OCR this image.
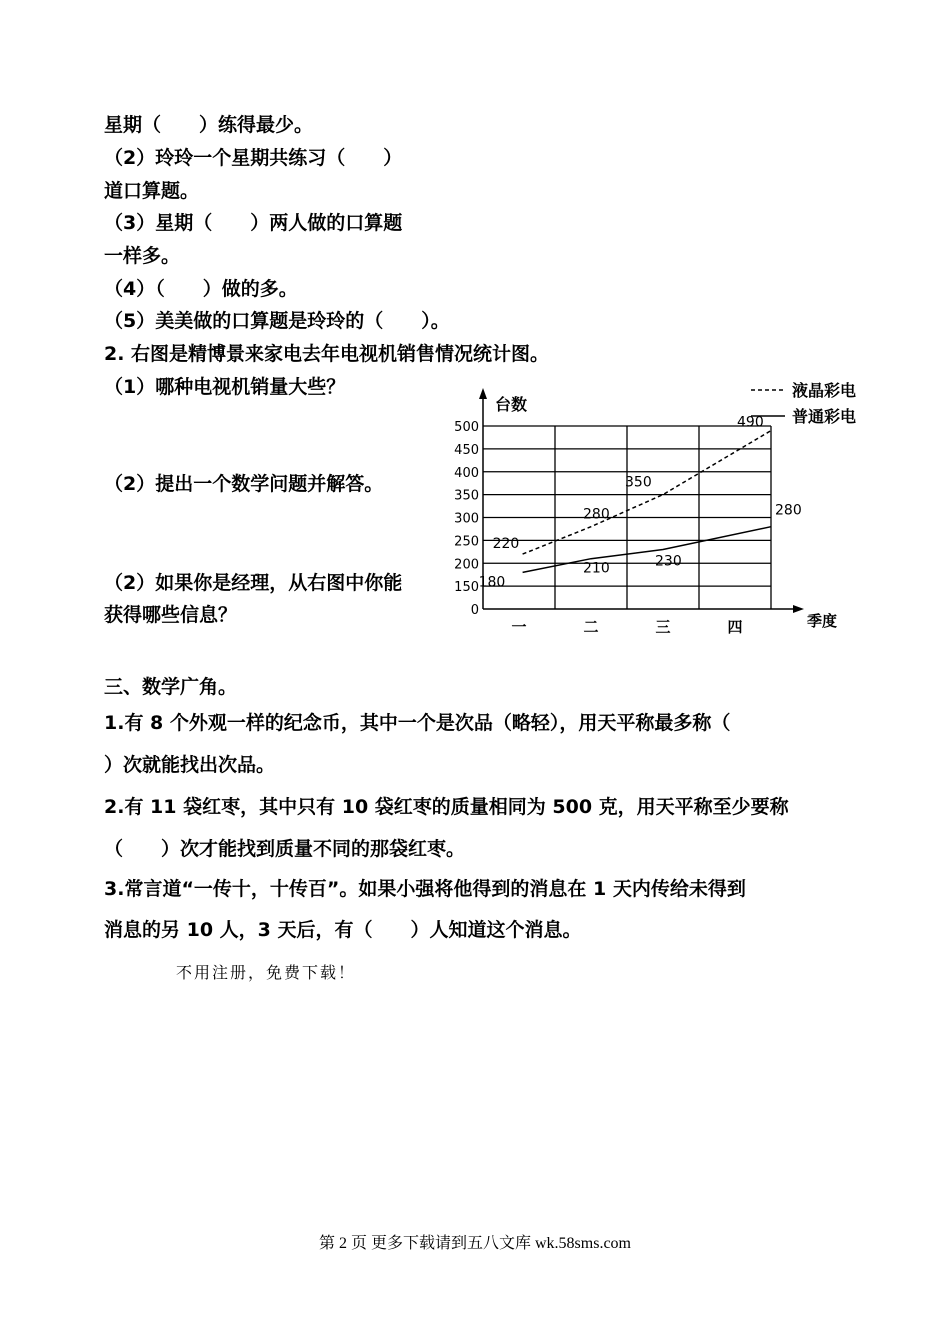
星期（　　）练得最少。
（2）玲玲一个星期共练习（　　）
道口算题。
（3）星期（　　）两人做的口算题
一样多。
（4）（　　）做的多。
（5）美美做的口算题是玲玲的（　　）。
2. 右图是精博景来家电去年电视机销售情况统计图。
（1）哪种电视机销量大些？
（2）提出一个数学问题并解答。
（2）如果你是经理，从右图中你能
获得哪些信息？	0
150
200
250
300
350
400
450
500
台数
季度
一	二	三	四
220
280
350
490
180
210	230
280
液晶彩电
普通彩电
三、数学广角。
1.有 8 个外观一样的纪念币，其中一个是次品（略轻），用天平称最多称（
）次就能找出次品。
2.有 11 袋红枣，其中只有 10 袋红枣的质量相同为 500 克，用天平称至少要称
（　　）次才能找到质量不同的那袋红枣。
3.常言道“一传十，十传百”。如果小强将他得到的消息在 1 天内传给未得到
消息的另 10 人，3 天后，有（　　）人知道这个消息。
不用注册，免费下载！
第 2 页 更多下载请到五八文库 wk.58sms.com
